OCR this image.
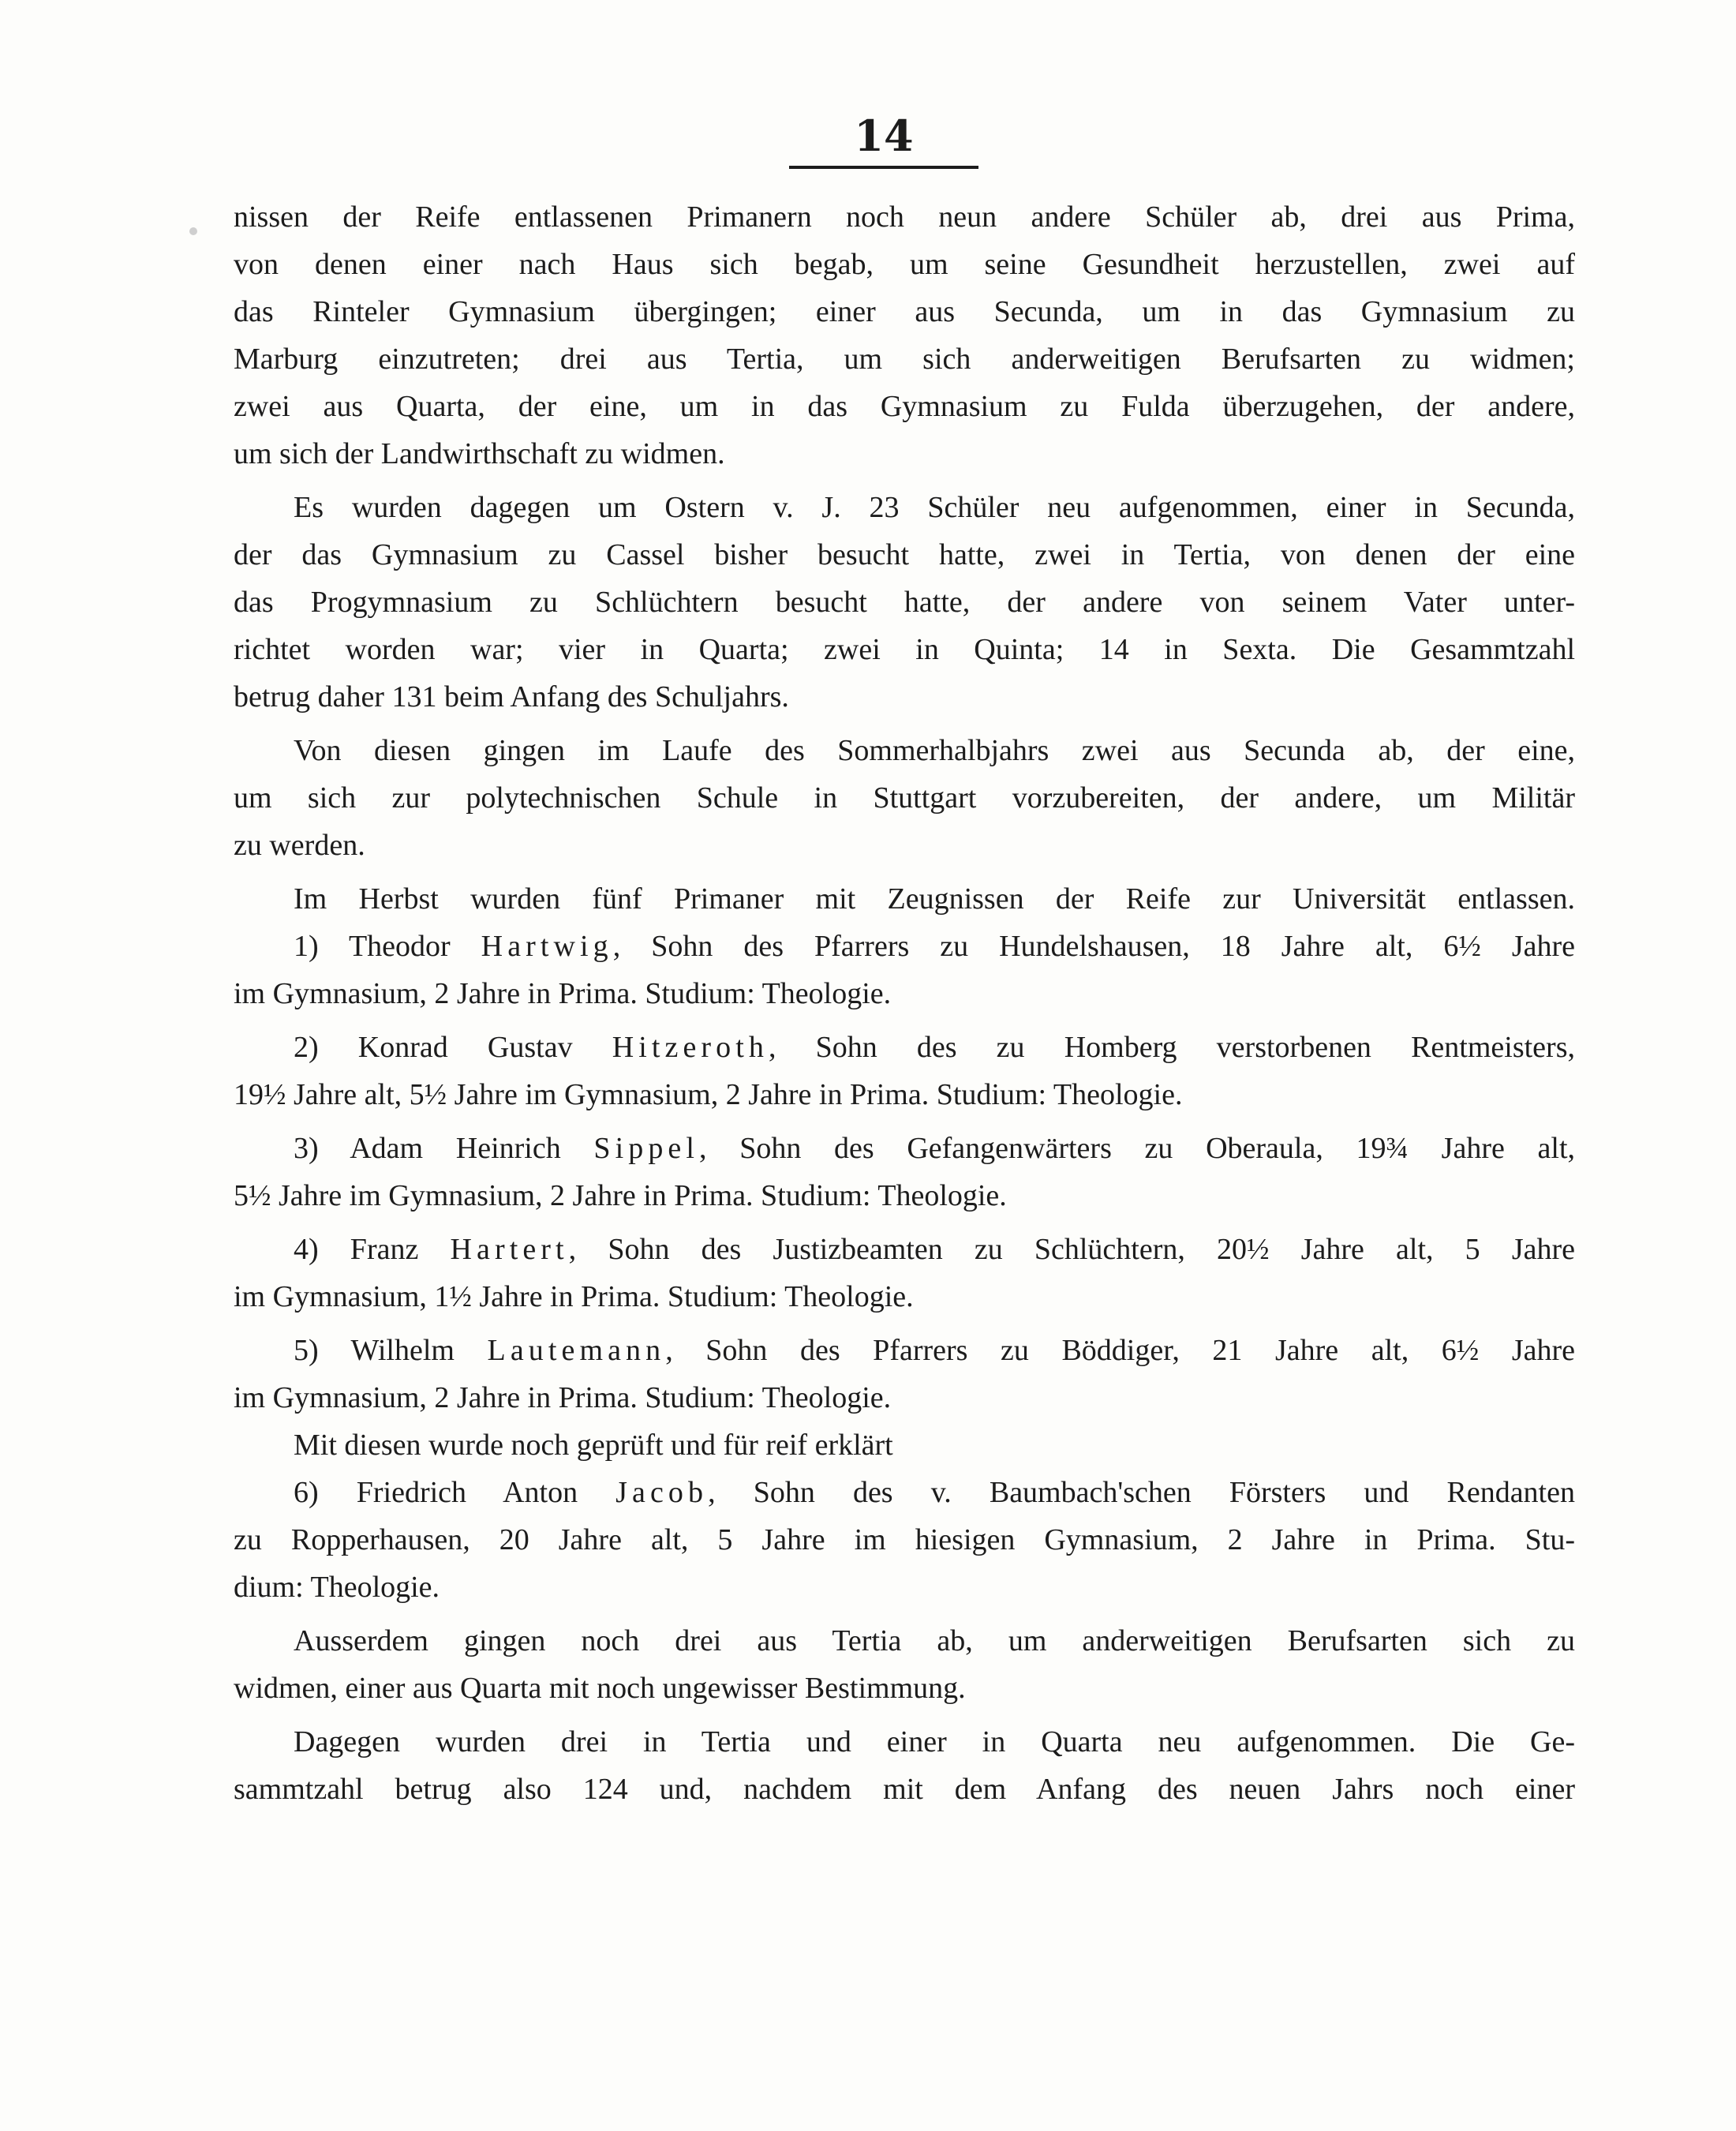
14
nissen der Reife entlassenen Primanern noch neun andere Schüler ab, drei aus Prima,
von denen einer nach Haus sich begab, um seine Gesundheit herzustellen, zwei auf
das Rinteler Gymnasium übergingen; einer aus Secunda, um in das Gymnasium zu
Marburg einzutreten; drei aus Tertia, um sich anderweitigen Berufsarten zu widmen;
zwei aus Quarta, der eine, um in das Gymnasium zu Fulda überzugehen, der andere,
um sich der Landwirthschaft zu widmen.
Es wurden dagegen um Ostern v. J. 23 Schüler neu aufgenommen, einer in Secunda,
der das Gymnasium zu Cassel bisher besucht hatte, zwei in Tertia, von denen der eine
das Progymnasium zu Schlüchtern besucht hatte, der andere von seinem Vater unter-
richtet worden war; vier in Quarta; zwei in Quinta; 14 in Sexta. Die Gesammtzahl
betrug daher 131 beim Anfang des Schuljahrs.
Von diesen gingen im Laufe des Sommerhalbjahrs zwei aus Secunda ab, der eine,
um sich zur polytechnischen Schule in Stuttgart vorzubereiten, der andere, um Militär
zu werden.
Im Herbst wurden fünf Primaner mit Zeugnissen der Reife zur Universität entlassen.
1) Theodor Hartwig, Sohn des Pfarrers zu Hundelshausen, 18 Jahre alt, 6½ Jahre
im Gymnasium, 2 Jahre in Prima. Studium: Theologie.
2) Konrad Gustav Hitzeroth, Sohn des zu Homberg verstorbenen Rentmeisters,
19½ Jahre alt, 5½ Jahre im Gymnasium, 2 Jahre in Prima. Studium: Theologie.
3) Adam Heinrich Sippel, Sohn des Gefangenwärters zu Oberaula, 19¾ Jahre alt,
5½ Jahre im Gymnasium, 2 Jahre in Prima. Studium: Theologie.
4) Franz Hartert, Sohn des Justizbeamten zu Schlüchtern, 20½ Jahre alt, 5 Jahre
im Gymnasium, 1½ Jahre in Prima. Studium: Theologie.
5) Wilhelm Lautemann, Sohn des Pfarrers zu Böddiger, 21 Jahre alt, 6½ Jahre
im Gymnasium, 2 Jahre in Prima. Studium: Theologie.
Mit diesen wurde noch geprüft und für reif erklärt
6) Friedrich Anton Jacob, Sohn des v. Baumbach'schen Försters und Rendanten
zu Ropperhausen, 20 Jahre alt, 5 Jahre im hiesigen Gymnasium, 2 Jahre in Prima. Stu-
dium: Theologie.
Ausserdem gingen noch drei aus Tertia ab, um anderweitigen Berufsarten sich zu
widmen, einer aus Quarta mit noch ungewisser Bestimmung.
Dagegen wurden drei in Tertia und einer in Quarta neu aufgenommen. Die Ge-
sammtzahl betrug also 124 und, nachdem mit dem Anfang des neuen Jahrs noch einer
